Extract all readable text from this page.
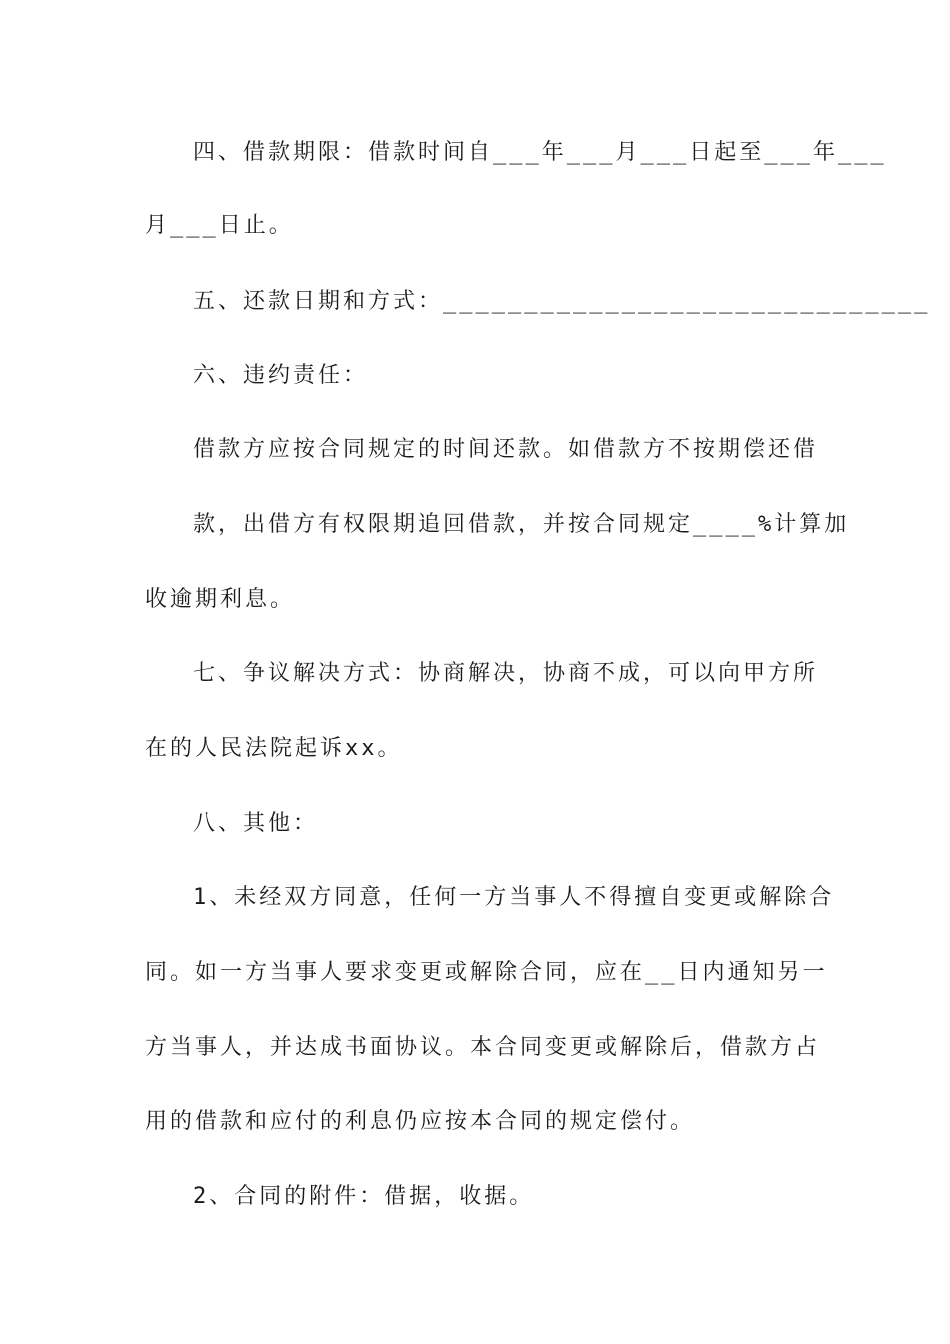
四、借款期限：借款时间自___年___月___日起至___年___

月___日止。

五、还款日期和方式：______________________________

六、违约责任：

借款方应按合同规定的时间还款。如借款方不按期偿还借

款，出借方有权限期追回借款，并按合同规定____%计算加

收逾期利息。

七、争议解决方式：协商解决，协商不成，可以向甲方所

在的人民法院起诉xx。

八、其他：

1、未经双方同意，任何一方当事人不得擅自变更或解除合

同。如一方当事人要求变更或解除合同，应在__日内通知另一

方当事人，并达成书面协议。本合同变更或解除后，借款方占

用的借款和应付的利息仍应按本合同的规定偿付。

2、合同的附件：借据，收据。
